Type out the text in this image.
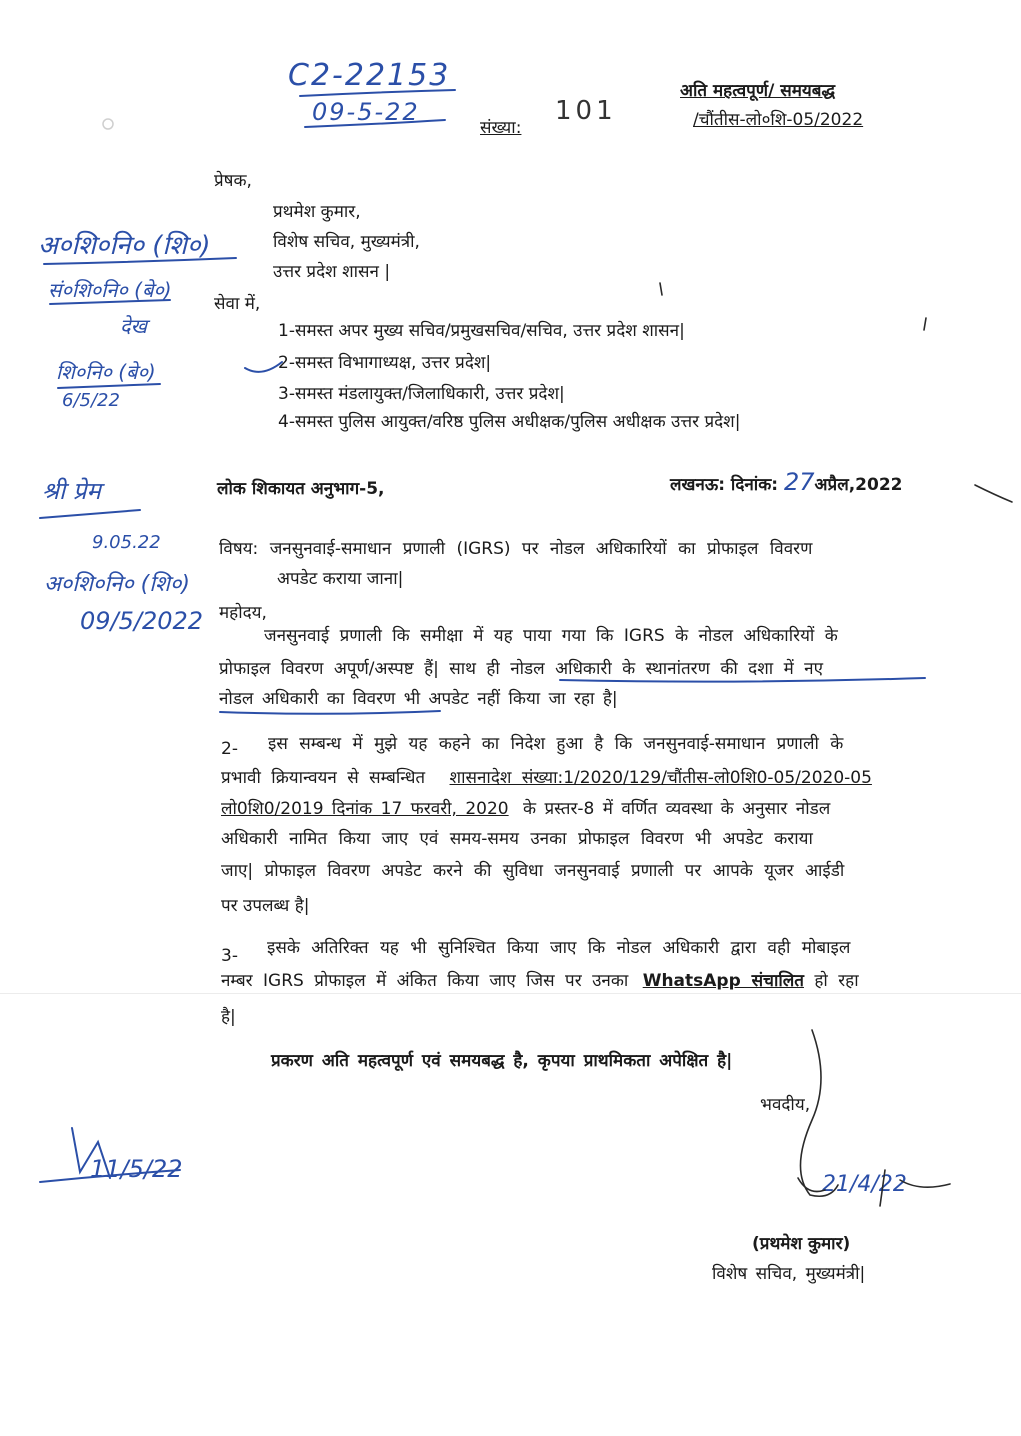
C2-22153
09-5-22
अति महत्वपूर्ण/ समयबद्ध
संख्या:
101	/चौंतीस-लो०शि-05/2022
प्रेषक,
प्रथमेश कुमार,
विशेष सचिव, मुख्यमंत्री,
उत्तर प्रदेश शासन |
सेवा में,
1-समस्त अपर मुख्य सचिव/प्रमुखसचिव/सचिव, उत्तर प्रदेश शासन|
2-समस्त विभागाध्यक्ष, उत्तर प्रदेश|
3-समस्त मंडलायुक्त/जिलाधिकारी, उत्तर प्रदेश|
4-समस्त पुलिस आयुक्त/वरिष्ठ पुलिस अधीक्षक/पुलिस अधीक्षक उत्तर प्रदेश|
लोक शिकायत अनुभाग-5,	लखनऊ: दिनांक: 27अप्रैल,2022
विषय: जनसुनवाई-समाधान प्रणाली (IGRS) पर नोडल अधिकारियों का प्रोफाइल विवरण
अपडेट कराया जाना|
महोदय,
जनसुनवाई प्रणाली कि समीक्षा में यह पाया गया कि IGRS के नोडल अधिकारियों के
प्रोफाइल विवरण अपूर्ण/अस्पष्ट हैं| साथ ही नोडल अधिकारी के स्थानांतरण की दशा में नए
नोडल अधिकारी का विवरण भी अपडेट नहीं किया जा रहा है|
2- इस सम्बन्ध में मुझे यह कहने का निदेश हुआ है कि जनसुनवाई-समाधान प्रणाली के
प्रभावी क्रियान्वयन से सम्बन्धित शासनादेश संख्या:1/2020/129/चौंतीस-लो0शि0-05/2020-05
लो0शि0/2019 दिनांक 17 फरवरी, 2020 के प्रस्तर-8 में वर्णित व्यवस्था के अनुसार नोडल
अधिकारी नामित किया जाए एवं समय-समय उनका प्रोफाइल विवरण भी अपडेट कराया
जाए| प्रोफाइल विवरण अपडेट करने की सुविधा जनसुनवाई प्रणाली पर आपके यूजर आईडी
पर उपलब्ध है|
3- इसके अतिरिक्त यह भी सुनिश्चित किया जाए कि नोडल अधिकारी द्वारा वही मोबाइल
नम्बर IGRS प्रोफाइल में अंकित किया जाए जिस पर उनका WhatsApp संचालित हो रहा
है|
प्रकरण अति महत्वपूर्ण एवं समयबद्ध है, कृपया प्राथमिकता अपेक्षित है|
भवदीय,
21/4/22
(प्रथमेश कुमार)
विशेष सचिव, मुख्यमंत्री|
अ०शि०नि० (शि०)
सं०शि०नि० (बे०)
देख
शि०नि० (बे०)
6/5/22
श्री प्रेम
9.05.22
अ०शि०नि० (शि०)
09/5/2022
11/5/22
